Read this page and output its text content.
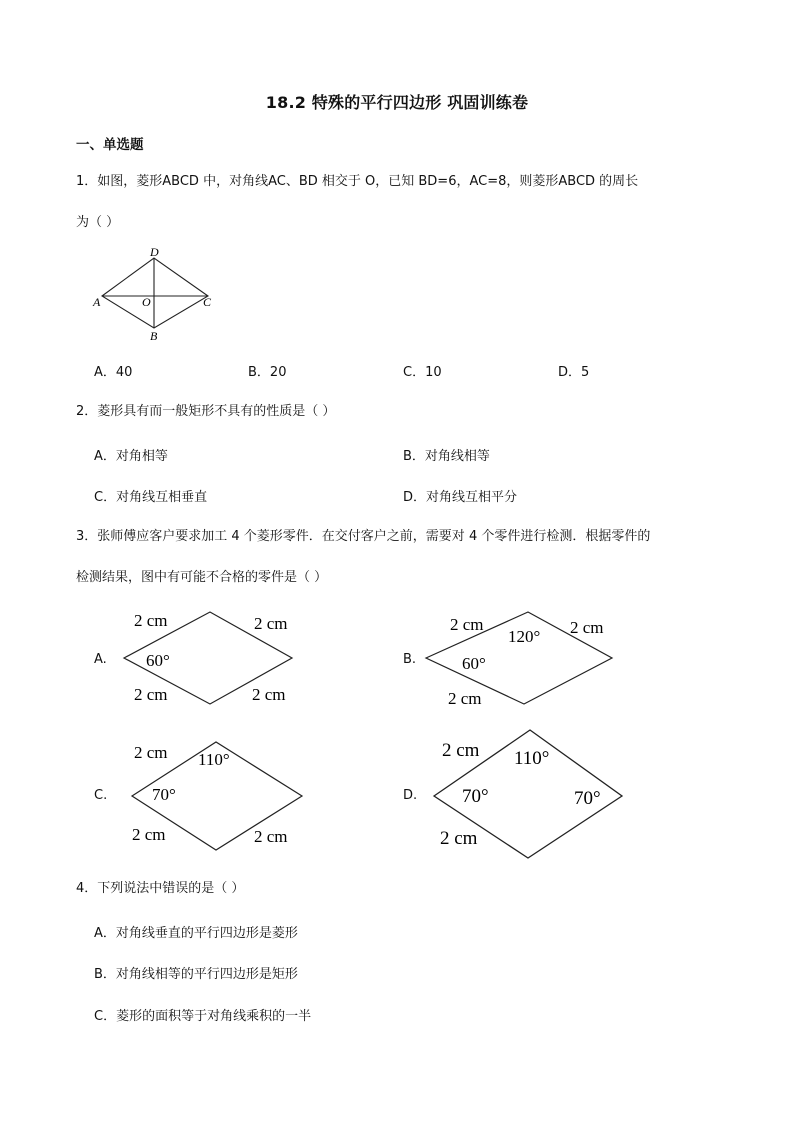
18.2 特殊的平行四边形 巩固训练卷
一、单选题
1．如图，菱形ABCD 中，对角线AC、BD 相交于 O，已知 BD=6，AC=8，则菱形ABCD 的周长
为（ ）
D
A	O	C
B
A．40	B．20	C．10	D．5
2．菱形具有而一般矩形不具有的性质是（ ）
A．对角相等	B．对角线相等
C．对角线互相垂直	D．对角线互相平分
3．张师傅应客户要求加工 4 个菱形零件．在交付客户之前，需要对 4 个零件进行检测．根据零件的
检测结果，图中有可能不合格的零件是（ ）
A.
2 cm	2 cm
60°
2 cm	2 cm
B.
2 cm
120° 2 cm
60°
2 cm
C.
2 cm 110°
70°
2 cm	2 cm
D.
2 cm 110°
70°	70°
2 cm
4．下列说法中错误的是（ ）
A．对角线垂直的平行四边形是菱形
B．对角线相等的平行四边形是矩形
C．菱形的面积等于对角线乘积的一半
